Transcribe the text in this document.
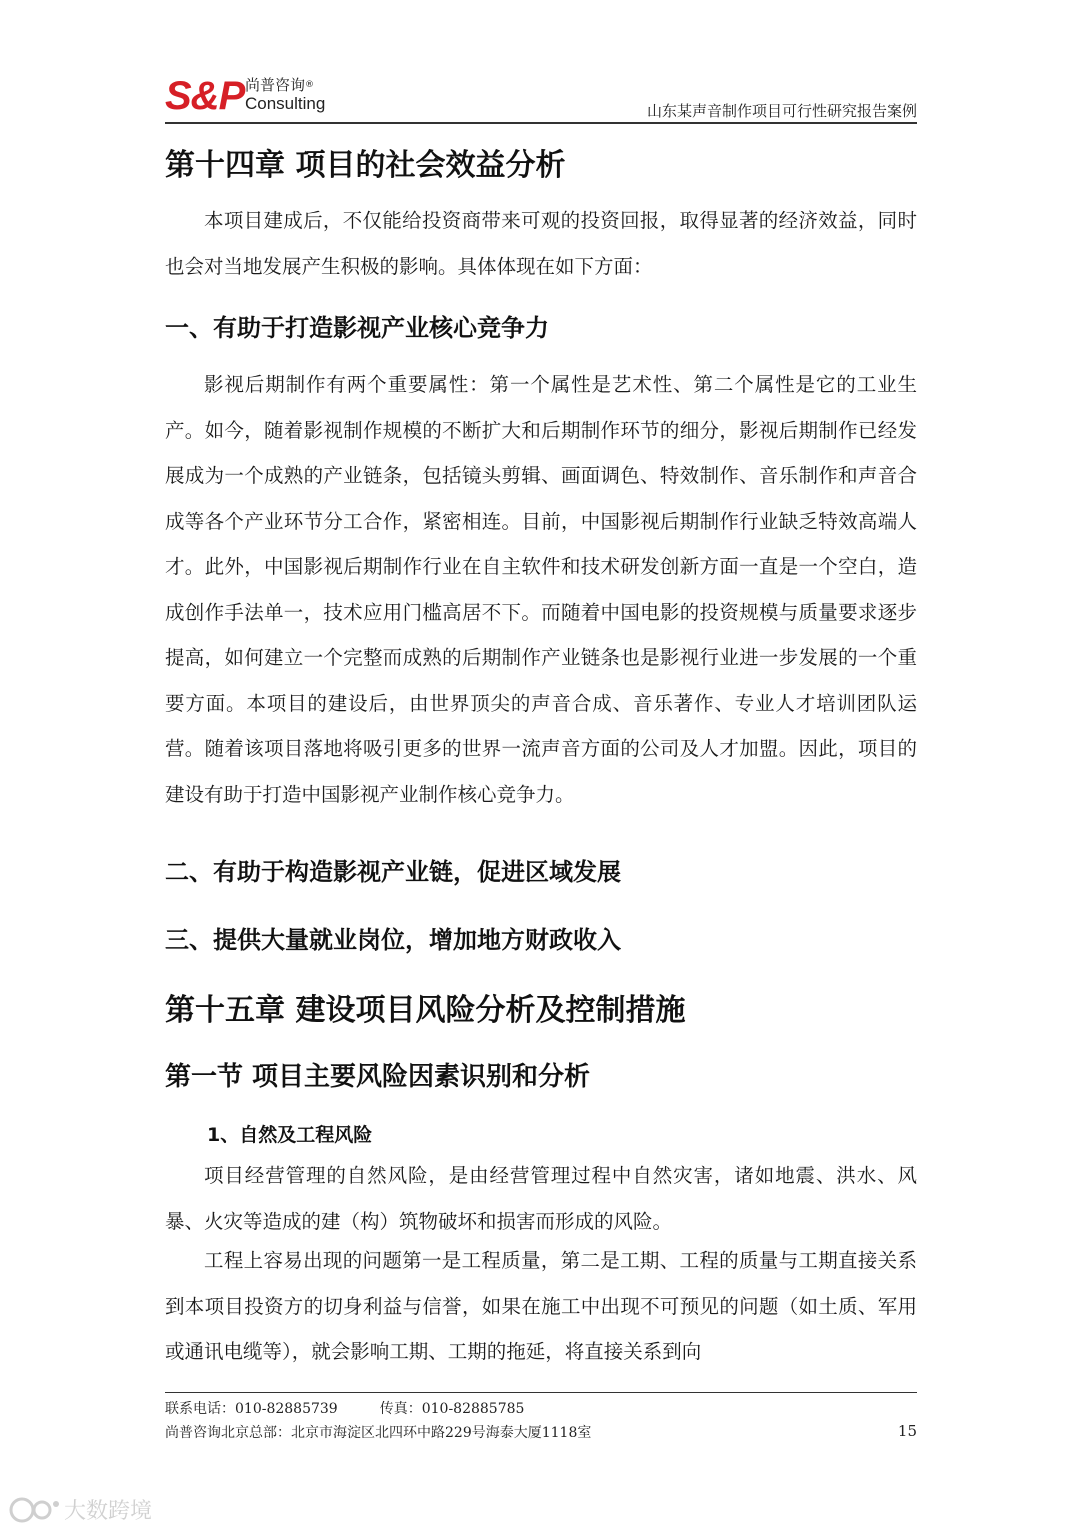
S&P 尚普咨询®
Consulting	山东某声音制作项目可行性研究报告案例
第十四章 项目的社会效益分析
本项目建成后，不仅能给投资商带来可观的投资回报，取得显著的经济效益，同时也会对当地发展产生积极的影响。具体体现在如下方面：
一、有助于打造影视产业核心竞争力
影视后期制作有两个重要属性：第一个属性是艺术性、第二个属性是它的工业生产。如今，随着影视制作规模的不断扩大和后期制作环节的细分，影视后期制作已经发展成为一个成熟的产业链条，包括镜头剪辑、画面调色、特效制作、音乐制作和声音合成等各个产业环节分工合作，紧密相连。目前，中国影视后期制作行业缺乏特效高端人才。此外，中国影视后期制作行业在自主软件和技术研发创新方面一直是一个空白，造成创作手法单一，技术应用门槛高居不下。而随着中国电影的投资规模与质量要求逐步提高，如何建立一个完整而成熟的后期制作产业链条也是影视行业进一步发展的一个重要方面。本项目的建设后，由世界顶尖的声音合成、音乐著作、专业人才培训团队运营。随着该项目落地将吸引更多的世界一流声音方面的公司及人才加盟。因此，项目的建设有助于打造中国影视产业制作核心竞争力。
二、有助于构造影视产业链，促进区域发展
三、提供大量就业岗位，增加地方财政收入
第十五章 建设项目风险分析及控制措施
第一节 项目主要风险因素识别和分析
1、自然及工程风险
项目经营管理的自然风险，是由经营管理过程中自然灾害，诸如地震、洪水、风暴、火灾等造成的建（构）筑物破坏和损害而形成的风险。
工程上容易出现的问题第一是工程质量，第二是工期、工程的质量与工期直接关系到本项目投资方的切身利益与信誉，如果在施工中出现不可预见的问题（如土质、军用或通讯电缆等），就会影响工期、工期的拖延，将直接关系到向
联系电话：010-82885739	传真：010-82885785
尚普咨询北京总部：北京市海淀区北四环中路229号海泰大厦1118室	15
大数跨境
